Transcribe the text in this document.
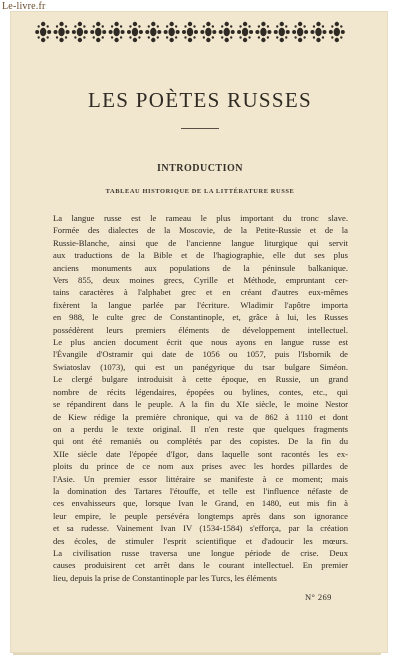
Le-livre.fr
LES POÈTES RUSSES
INTRODUCTION
TABLEAU HISTORIQUE DE LA LITTÉRATURE RUSSE
La langue russe est le rameau le plus important du tronc slave.
Formée des dialectes de la Moscovie, de la Petite-Russie et de la
Russie-Blanche, ainsi que de l'ancienne langue liturgique qui servit
aux traductions de la Bible et de l'hagiographie, elle dut ses plus
anciens monuments aux populations de la péninsule balkanique.
Vers 855, deux moines grecs, Cyrille et Méthode, empruntant cer-
tains caractères à l'alphabet grec et en créant d'autres eux-mêmes
fixèrent la langue parlée par l'écriture. Wladimir l'apôtre importa
en 988, le culte grec de Constantinople, et, grâce à lui, les Russes
possédèrent leurs premiers éléments de développement intellectuel.
Le plus ancien document écrit que nous ayons en langue russe est
l'Évangile d'Ostramir qui date de 1056 ou 1057, puis l'Isbornik de
Swiatoslav (1073), qui est un panégyrique du tsar bulgare Siméon.
Le clergé bulgare introduisit à cette époque, en Russie, un grand
nombre de récits légendaires, épopées ou bylines, contes, etc., qui
se répandirent dans le peuple. A la fin du XIe siècle, le moine Nestor
de Kiew rédige la première chronique, qui va de 862 à 1110 et dont
on a perdu le texte original. Il n'en reste que quelques fragments
qui ont été remaniés ou complétés par des copistes. De la fin du
XIIe siècle date l'épopée d'Igor, dans laquelle sont racontés les ex-
ploits du prince de ce nom aux prises avec les hordes pillardes de
l'Asie. Un premier essor littéraire se manifeste à ce moment; mais
la domination des Tartares l'étouffe, et telle est l'influence néfaste de
ces envahisseurs que, lorsque Ivan le Grand, en 1480, eut mis fin à
leur empire, le peuple persévéra longtemps après dans son ignorance
et sa rudesse. Vainement Ivan IV (1534-1584) s'efforça, par la création
des écoles, de stimuler l'esprit scientifique et d'adoucir les mœurs.
La civilisation russe traversa une longue période de crise. Deux
causes produisirent cet arrêt dans le courant intellectuel. En premier
lieu, depuis la prise de Constantinople par les Turcs, les éléments
N° 269
